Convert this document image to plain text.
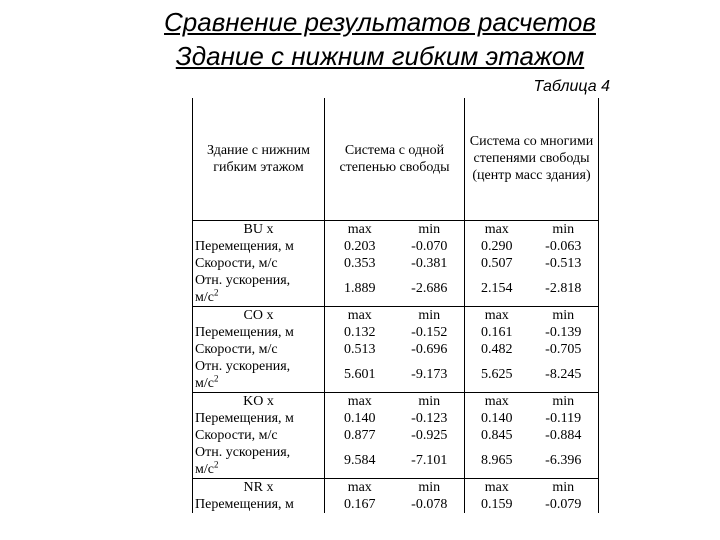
Сравнение результатов расчетов
Здание с нижним гибким этажом
Таблица 4
Здание с нижним гибким этажом	Система с одной степенью свободы		Система со многими степенями свободы (центр масс здания)	
BU x	max	min	max	min
Перемещения, м	0.203	-0.070	0.290	-0.063
Скорости, м/с	0.353	-0.381	0.507	-0.513
Отн. ускорения,
$м/с^2$	1.889	-2.686	2.154	-2.818
CO x	max	min	max	min
Перемещения, м	0.132	-0.152	0.161	-0.139
Скорости, м/с	0.513	-0.696	0.482	-0.705
Отн. ускорения,
$м/с^2$	5.601	-9.173	5.625	-8.245
KO x	max	min	max	min
Перемещения, м	0.140	-0.123	0.140	-0.119
Скорости, м/с	0.877	-0.925	0.845	-0.884
Отн. ускорения,
$м/с^2$	9.584	-7.101	8.965	-6.396
NR x	max	min	max	min
Перемещения, м	0.167	-0.078	0.159	-0.079
